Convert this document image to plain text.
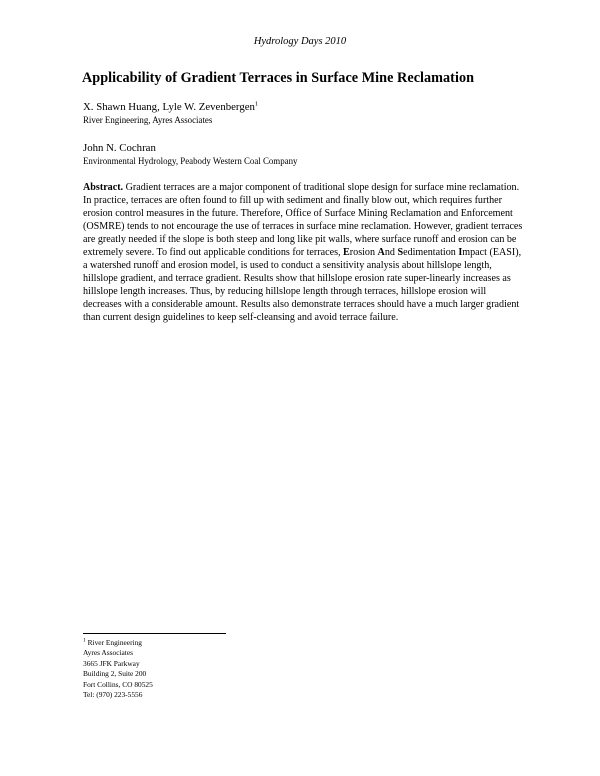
Hydrology Days 2010
Applicability of Gradient Terraces in Surface Mine Reclamation
X. Shawn Huang, Lyle W. Zevenbergen$^1$
River Engineering, Ayres Associates
John N. Cochran
Environmental Hydrology, Peabody Western Coal Company
Abstract. Gradient terraces are a major component of traditional slope design for surface mine reclamation. In practice, terraces are often found to fill up with sediment and finally blow out, which requires further erosion control measures in the future. Therefore, Office of Surface Mining Reclamation and Enforcement (OSMRE) tends to not encourage the use of terraces in surface mine reclamation. However, gradient terraces are greatly needed if the slope is both steep and long like pit walls, where surface runoff and erosion can be extremely severe. To find out applicable conditions for terraces, Erosion And Sedimentation Impact (EASI), a watershed runoff and erosion model, is used to conduct a sensitivity analysis about hillslope length, hillslope gradient, and terrace gradient. Results show that hillslope erosion rate super-linearly increases as hillslope length increases. Thus, by reducing hillslope length through terraces, hillslope erosion will decreases with a considerable amount. Results also demonstrate terraces should have a much larger gradient than current design guidelines to keep self-cleansing and avoid terrace failure.
$^1$ River Engineering
Ayres Associates
3665 JFK Parkway
Building 2, Suite 200
Fort Collins, CO 80525
Tel: (970) 223-5556
